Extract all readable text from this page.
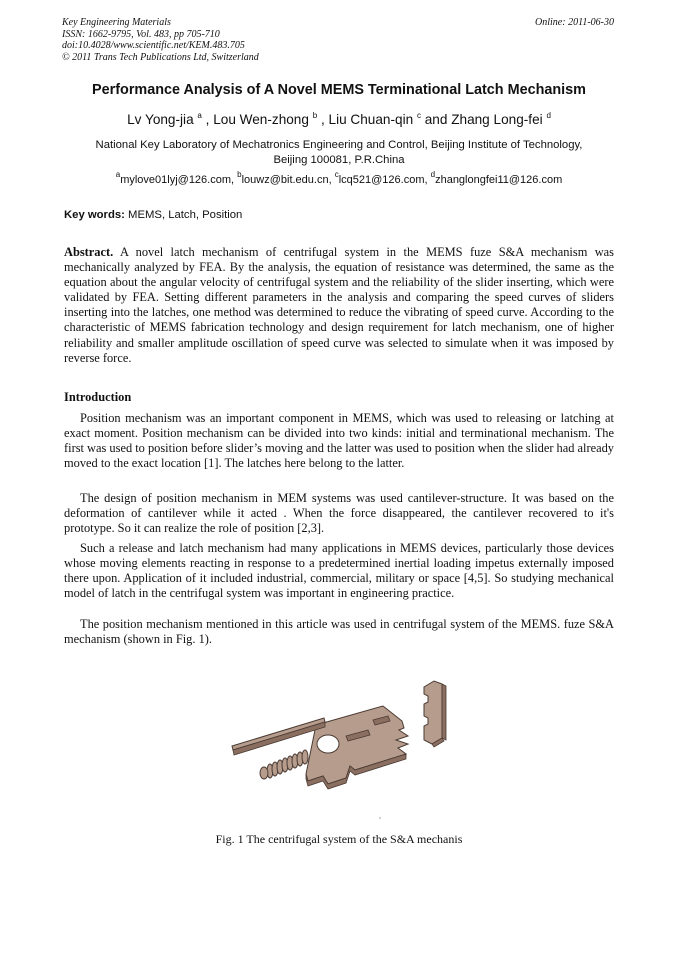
Key Engineering Materials
ISSN: 1662-9795, Vol. 483, pp 705-710
doi:10.4028/www.scientific.net/KEM.483.705
© 2011 Trans Tech Publications Ltd, Switzerland
Online: 2011-06-30
Performance Analysis of A Novel MEMS Terminational Latch Mechanism
Lv Yong-jia $^a$ , Lou Wen-zhong $^b$ , Liu Chuan-qin $^c$ and Zhang Long-fei $^d$
National Key Laboratory of Mechatronics Engineering and Control, Beijing Institute of Technology,
Beijing 100081, P.R.China
$^a$mylove01lyj@126.com, $^b$louwz@bit.edu.cn, $^c$lcq521@126.com, $^d$zhanglongfei11@126.com
Key words: MEMS, Latch, Position
Abstract. A novel latch mechanism of centrifugal system in the MEMS fuze S&A mechanism was mechanically analyzed by FEA. By the analysis, the equation of resistance was determined, the same as the equation about the angular velocity of centrifugal system and the reliability of the slider inserting, which were validated by FEA. Setting different parameters in the analysis and comparing the speed curves of sliders inserting into the latches, one method was determined to reduce the vibrating of speed curve. According to the characteristic of MEMS fabrication technology and design requirement for latch mechanism, one of higher reliability and smaller amplitude oscillation of speed curve was selected to simulate when it was imposed by reverse force.
Introduction
Position mechanism was an important component in MEMS, which was used to releasing or latching at exact moment. Position mechanism can be divided into two kinds: initial and terminational mechanism. The first was used to position before slider’s moving and the latter was used to position when the slider had already moved to the exact location [1]. The latches here belong to the latter.
The design of position mechanism in MEM systems was used cantilever-structure. It was based on the deformation of cantilever while it acted . When the force disappeared, the cantilever recovered to it's prototype. So it can realize the role of position [2,3].
Such a release and latch mechanism had many applications in MEMS devices, particularly those devices whose moving elements reacting in response to a predetermined inertial loading impetus externally imposed there upon. Application of it included industrial, commercial, military or space [4,5]. So studying mechanical model of latch in the centrifugal system was important in engineering practice.
The position mechanism mentioned in this article was used in centrifugal system of the MEMS. fuze S&A mechanism (shown in Fig. 1).
Fig. 1 The centrifugal system of the S&A mechanis
